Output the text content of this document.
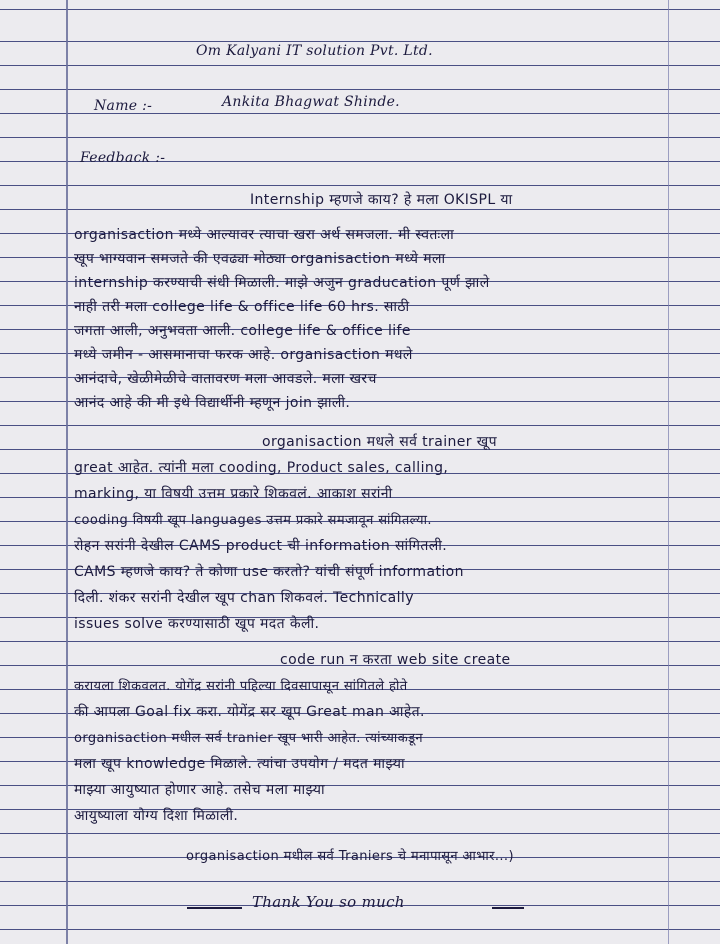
Om Kalyani IT solution Pvt. Ltd.
Name :-	Ankita Bhagwat Shinde.
Feedback :-
Internship म्हणजे काय? हे मला OKISPL या
organisaction मध्ये आल्यावर त्याचा खरा अर्थ समजला. मी स्वतःला
खूप भाग्यवान समजते की एवढ्या मोठ्या organisaction मध्ये मला
internship करण्याची संधी मिळाली. माझे अजुन graducation पूर्ण झाले
नाही तरी मला college life & office life 60 hrs. साठी
जगता आली, अनुभवता आली. college life & office life
मध्ये जमीन - आसमानाचा फरक आहे. organisaction मधले
आनंदाचे, खेळीमेळीचे वातावरण मला आवडले. मला खरच
आनंद आहे की मी इथे विद्यार्थीनी म्हणून join झाली.
organisaction मधले सर्व trainer खूप
great आहेत. त्यांनी मला cooding, Product sales, calling,
marking, या विषयी उत्तम प्रकारे शिकवलं. आकाश सरांनी
cooding विषयी खूप languages उत्तम प्रकारे समजावून सांगितल्या.
रोहन सरांनी देखील CAMS product ची information सांगितली.
CAMS म्हणजे काय? ते कोणा use करतो? यांची संपूर्ण information
दिली. शंकर सरांनी देखील खूप chan शिकवलं. Technically
issues solve करण्यासाठी खूप मदत केली.
code run न करता web site create
करायला शिकवलत. योगेंद्र सरांनी पहिल्या दिवसापासून सांगितले होते
की आपला Goal fix करा. योगेंद्र सर खूप Great man आहेत.
organisaction मधील सर्व tranier खूप भारी आहेत. त्यांच्याकडून
मला खूप knowledge मिळाले. त्यांचा उपयोग / मदत माझ्या
माझ्या आयुष्यात होणार आहे. तसेच मला माझ्या
आयुष्याला योग्य दिशा मिळाली.
organisaction मधील सर्व Traniers चे मनापासून आभार...)
Thank You so much
